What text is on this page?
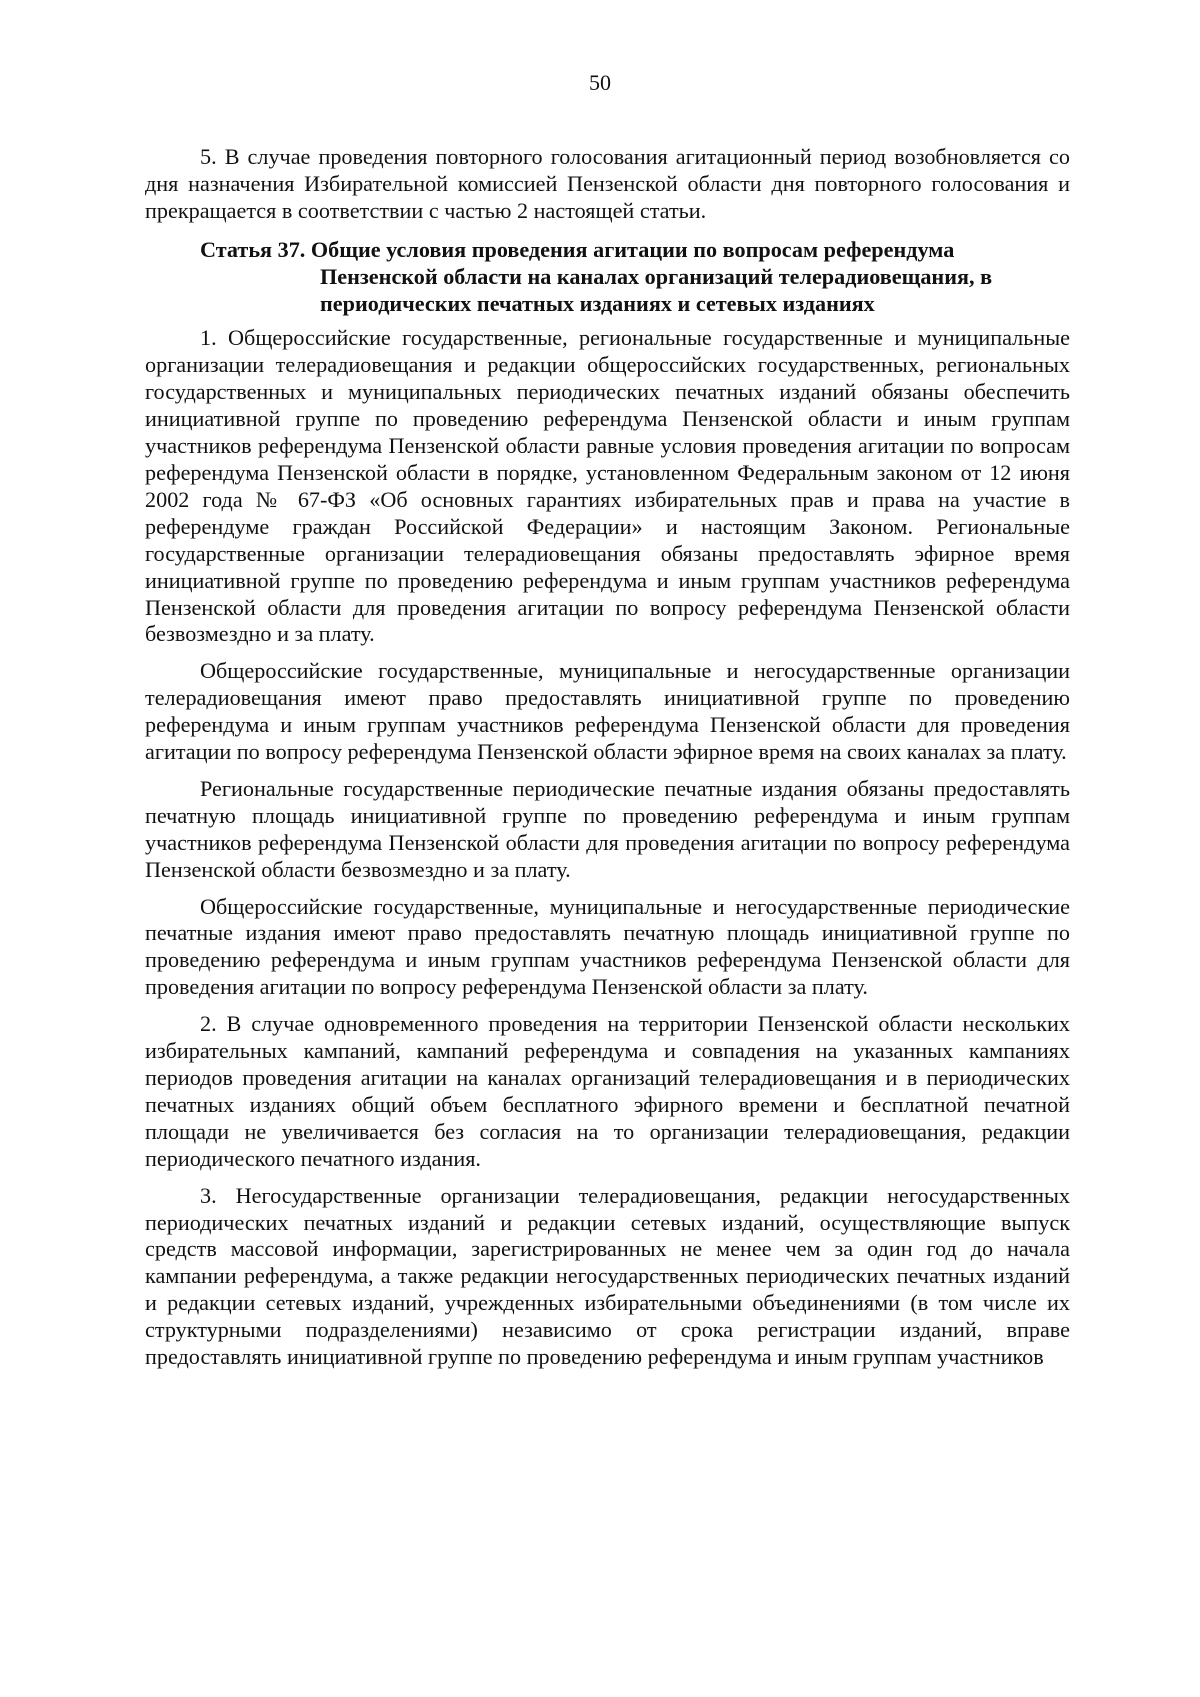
50

5. В случае проведения повторного голосования агитационный период возобновляется со дня назначения Избирательной комиссией Пензенской области дня повторного голосования и прекращается в соответствии с частью 2 настоящей статьи.

Статья 37. Общие условия проведения агитации по вопросам референдума
Пензенской области на каналах организаций телерадиовещания, в
периодических печатных изданиях и сетевых изданиях

1. Общероссийские государственные, региональные государственные и муниципальные организации телерадиовещания и редакции общероссийских государственных, региональных государственных и муниципальных периодических печатных изданий обязаны обеспечить инициативной группе по проведению референдума Пензенской области и иным группам участников референдума Пензенской области равные условия проведения агитации по вопросам референдума Пензенской области в порядке, установленном Федеральным законом от 12 июня 2002 года № 67-ФЗ «Об основных гарантиях избирательных прав и права на участие в референдуме граждан Российской Федерации» и настоящим Законом. Региональные государственные организации телерадиовещания обязаны предоставлять эфирное время инициативной группе по проведению референдума и иным группам участников референдума Пензенской области для проведения агитации по вопросу референдума Пензенской области безвозмездно и за плату.

Общероссийские государственные, муниципальные и негосударственные организации телерадиовещания имеют право предоставлять инициативной группе по проведению референдума и иным группам участников референдума Пензенской области для проведения агитации по вопросу референдума Пензенской области эфирное время на своих каналах за плату.

Региональные государственные периодические печатные издания обязаны предоставлять печатную площадь инициативной группе по проведению референдума и иным группам участников референдума Пензенской области для проведения агитации по вопросу референдума Пензенской области безвозмездно и за плату.

Общероссийские государственные, муниципальные и негосударственные периодические печатные издания имеют право предоставлять печатную площадь инициативной группе по проведению референдума и иным группам участников референдума Пензенской области для проведения агитации по вопросу референдума Пензенской области за плату.

2. В случае одновременного проведения на территории Пензенской области нескольких избирательных кампаний, кампаний референдума и совпадения на указанных кампаниях периодов проведения агитации на каналах организаций телерадиовещания и в периодических печатных изданиях общий объем бесплатного эфирного времени и бесплатной печатной площади не увеличивается без согласия на то организации телерадиовещания, редакции периодического печатного издания.

3. Негосударственные организации телерадиовещания, редакции негосударственных периодических печатных изданий и редакции сетевых изданий, осуществляющие выпуск средств массовой информации, зарегистрированных не менее чем за один год до начала кампании референдума, а также редакции негосударственных периодических печатных изданий и редакции сетевых изданий, учрежденных избирательными объединениями (в том числе их структурными подразделениями) независимо от срока регистрации изданий, вправе предоставлять инициативной группе по проведению референдума и иным группам участников
